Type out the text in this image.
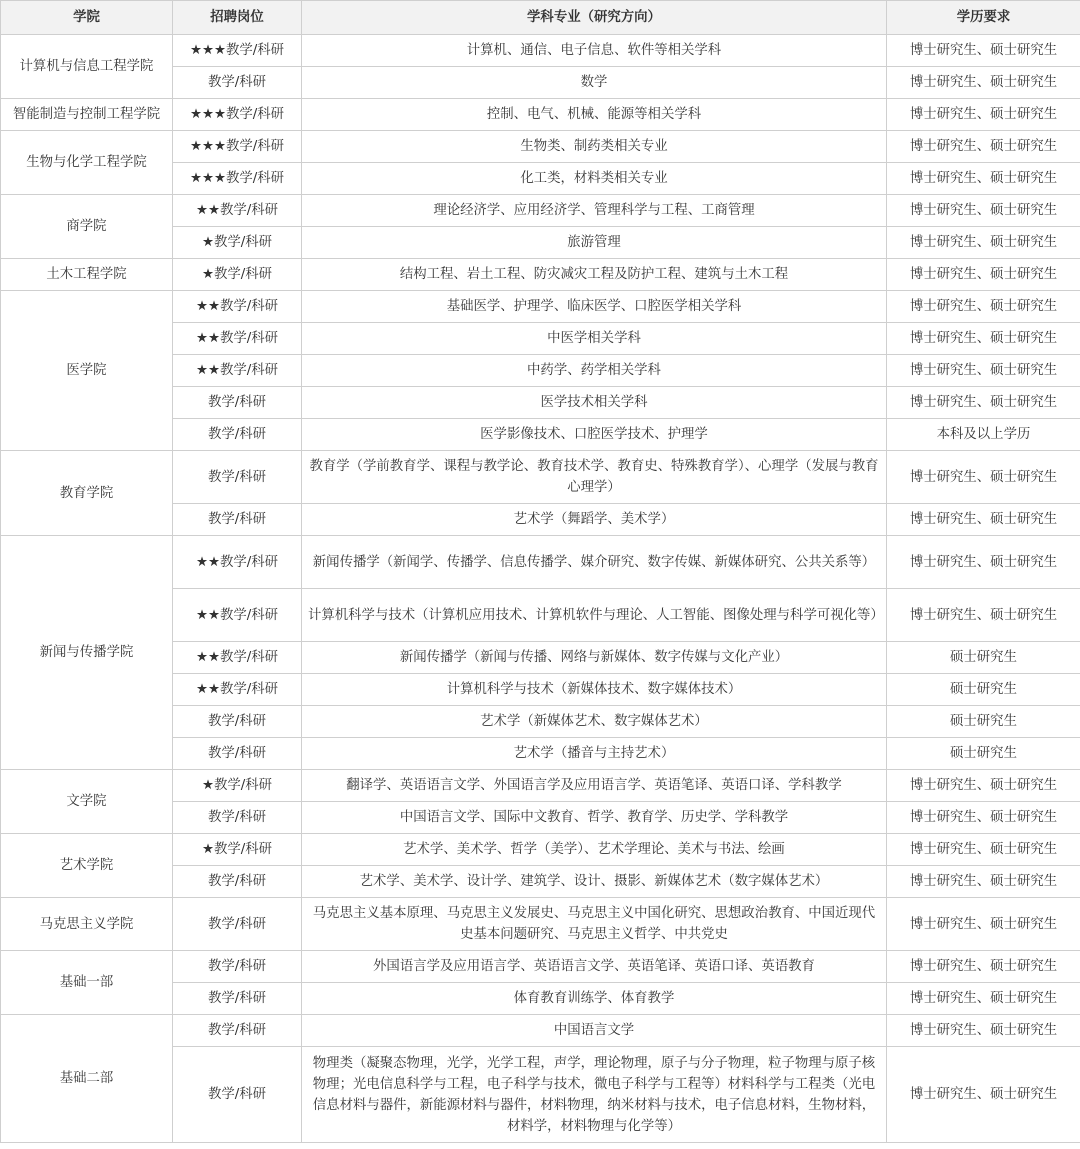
学院	招聘岗位	学科专业（研究方向）	学历要求
计算机与信息工程学院	★★★教学/科研	计算机、通信、电子信息、软件等相关学科	博士研究生、硕士研究生
	教学/科研	数学	博士研究生、硕士研究生
智能制造与控制工程学院	★★★教学/科研	控制、电气、机械、能源等相关学科	博士研究生、硕士研究生
生物与化学工程学院	★★★教学/科研	生物类、制药类相关专业	博士研究生、硕士研究生
	★★★教学/科研	化工类，材料类相关专业	博士研究生、硕士研究生
商学院	★★教学/科研	理论经济学、应用经济学、管理科学与工程、工商管理	博士研究生、硕士研究生
	★教学/科研	旅游管理	博士研究生、硕士研究生
土木工程学院	★教学/科研	结构工程、岩土工程、防灾减灾工程及防护工程、建筑与土木工程	博士研究生、硕士研究生
医学院	★★教学/科研	基础医学、护理学、临床医学、口腔医学相关学科	博士研究生、硕士研究生
	★★教学/科研	中医学相关学科	博士研究生、硕士研究生
	★★教学/科研	中药学、药学相关学科	博士研究生、硕士研究生
	教学/科研	医学技术相关学科	博士研究生、硕士研究生
	教学/科研	医学影像技术、口腔医学技术、护理学	本科及以上学历
教育学院	教学/科研	教育学（学前教育学、课程与教学论、教育技术学、教育史、特殊教育学）、心理学（发展与教育心理学）	博士研究生、硕士研究生
	教学/科研	艺术学（舞蹈学、美术学）	博士研究生、硕士研究生
新闻与传播学院	★★教学/科研	新闻传播学（新闻学、传播学、信息传播学、媒介研究、数字传媒、新媒体研究、公共关系等）	博士研究生、硕士研究生
	★★教学/科研	计算机科学与技术（计算机应用技术、计算机软件与理论、人工智能、图像处理与科学可视化等）	博士研究生、硕士研究生
	★★教学/科研	新闻传播学（新闻与传播、网络与新媒体、数字传媒与文化产业）	硕士研究生
	★★教学/科研	计算机科学与技术（新媒体技术、数字媒体技术）	硕士研究生
	教学/科研	艺术学（新媒体艺术、数字媒体艺术）	硕士研究生
	教学/科研	艺术学（播音与主持艺术）	硕士研究生
文学院	★教学/科研	翻译学、英语语言文学、外国语言学及应用语言学、英语笔译、英语口译、学科教学	博士研究生、硕士研究生
	教学/科研	中国语言文学、国际中文教育、哲学、教育学、历史学、学科教学	博士研究生、硕士研究生
艺术学院	★教学/科研	艺术学、美术学、哲学（美学）、艺术学理论、美术与书法、绘画	博士研究生、硕士研究生
	教学/科研	艺术学、美术学、设计学、建筑学、设计、摄影、新媒体艺术（数字媒体艺术）	博士研究生、硕士研究生
马克思主义学院	教学/科研	马克思主义基本原理、马克思主义发展史、马克思主义中国化研究、思想政治教育、中国近现代史基本问题研究、马克思主义哲学、中共党史	博士研究生、硕士研究生
基础一部	教学/科研	外国语言学及应用语言学、英语语言文学、英语笔译、英语口译、英语教育	博士研究生、硕士研究生
	教学/科研	体育教育训练学、体育教学	博士研究生、硕士研究生
基础二部	教学/科研	中国语言文学	博士研究生、硕士研究生
	教学/科研	物理类（凝聚态物理，光学，光学工程，声学，理论物理，原子与分子物理，粒子物理与原子核物理；光电信息科学与工程，电子科学与技术，微电子科学与工程等）材料科学与工程类（光电信息材料与器件，新能源材料与器件，材料物理，纳米材料与技术，电子信息材料，生物材料，材料学，材料物理与化学等）	博士研究生、硕士研究生
